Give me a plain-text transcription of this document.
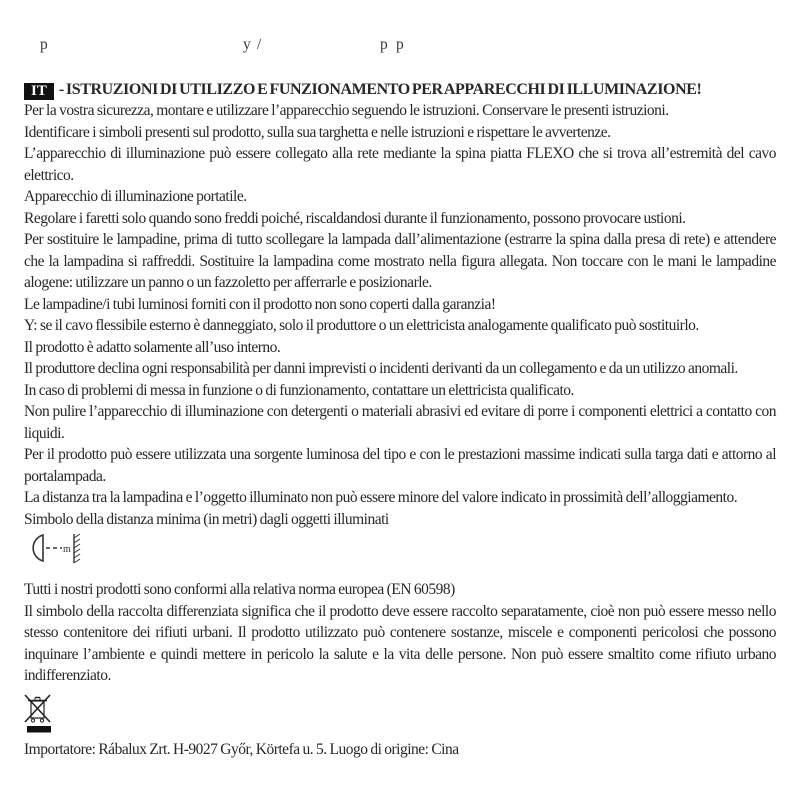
p	y /	p p
IT - ISTRUZIONI DI UTILIZZO E FUNZIONAMENTO PER APPARECCHI DI ILLUMINAZIONE!

Per la vostra sicurezza, montare e utilizzare l’apparecchio seguendo le istruzioni. Conservare le presenti istruzioni.

Identificare i simboli presenti sul prodotto, sulla sua targhetta e nelle istruzioni e rispettare le avvertenze.

L’apparecchio di illuminazione può essere collegato alla rete mediante la spina piatta FLEXO che si trova all’estremità del cavo elettrico.

Apparecchio di illuminazione portatile.

Regolare i faretti solo quando sono freddi poiché, riscaldandosi durante il funzionamento, possono provocare ustioni.

Per sostituire le lampadine, prima di tutto scollegare la lampada dall’alimentazione (estrarre la spina dalla presa di rete) e attendere che la lampadina si raffreddi. Sostituire la lampadina come mostrato nella figura allegata. Non toccare con le mani le lampadine alogene: utilizzare un panno o un fazzoletto per afferrarle e posizionarle.

Le lampadine/i tubi luminosi forniti con il prodotto non sono coperti dalla garanzia!

Y: se il cavo flessibile esterno è danneggiato, solo il produttore o un elettricista analogamente qualificato può sostituirlo.

Il prodotto è adatto solamente all’uso interno.

Il produttore declina ogni responsabilità per danni imprevisti o incidenti derivanti da un collegamento e da un utilizzo anomali.

In caso di problemi di messa in funzione o di funzionamento, contattare un elettricista qualificato.

Non pulire l’apparecchio di illuminazione con detergenti o materiali abrasivi ed evitare di porre i componenti elettrici a contatto con liquidi.

Per il prodotto può essere utilizzata una sorgente luminosa del tipo e con le prestazioni massime indicati sulla targa dati e attorno al portalampada.

La distanza tra la lampadina e l’oggetto illuminato non può essere minore del valore indicato in prossimità dell’alloggiamento.

Simbolo della distanza minima (in metri) dagli oggetti illuminati

m

Tutti i nostri prodotti sono conformi alla relativa norma europea (EN 60598)

Il simbolo della raccolta differenziata significa che il prodotto deve essere raccolto separatamente, cioè non può essere messo nello stesso contenitore dei rifiuti urbani. Il prodotto utilizzato può contenere sostanze, miscele e componenti pericolosi che possono inquinare l’ambiente e quindi mettere in pericolo la salute e la vita delle persone. Non può essere smaltito come rifiuto urbano indifferenziato.

Importatore: Rábalux Zrt. H-9027 Győr, Körtefa u. 5. Luogo di origine: Cina
